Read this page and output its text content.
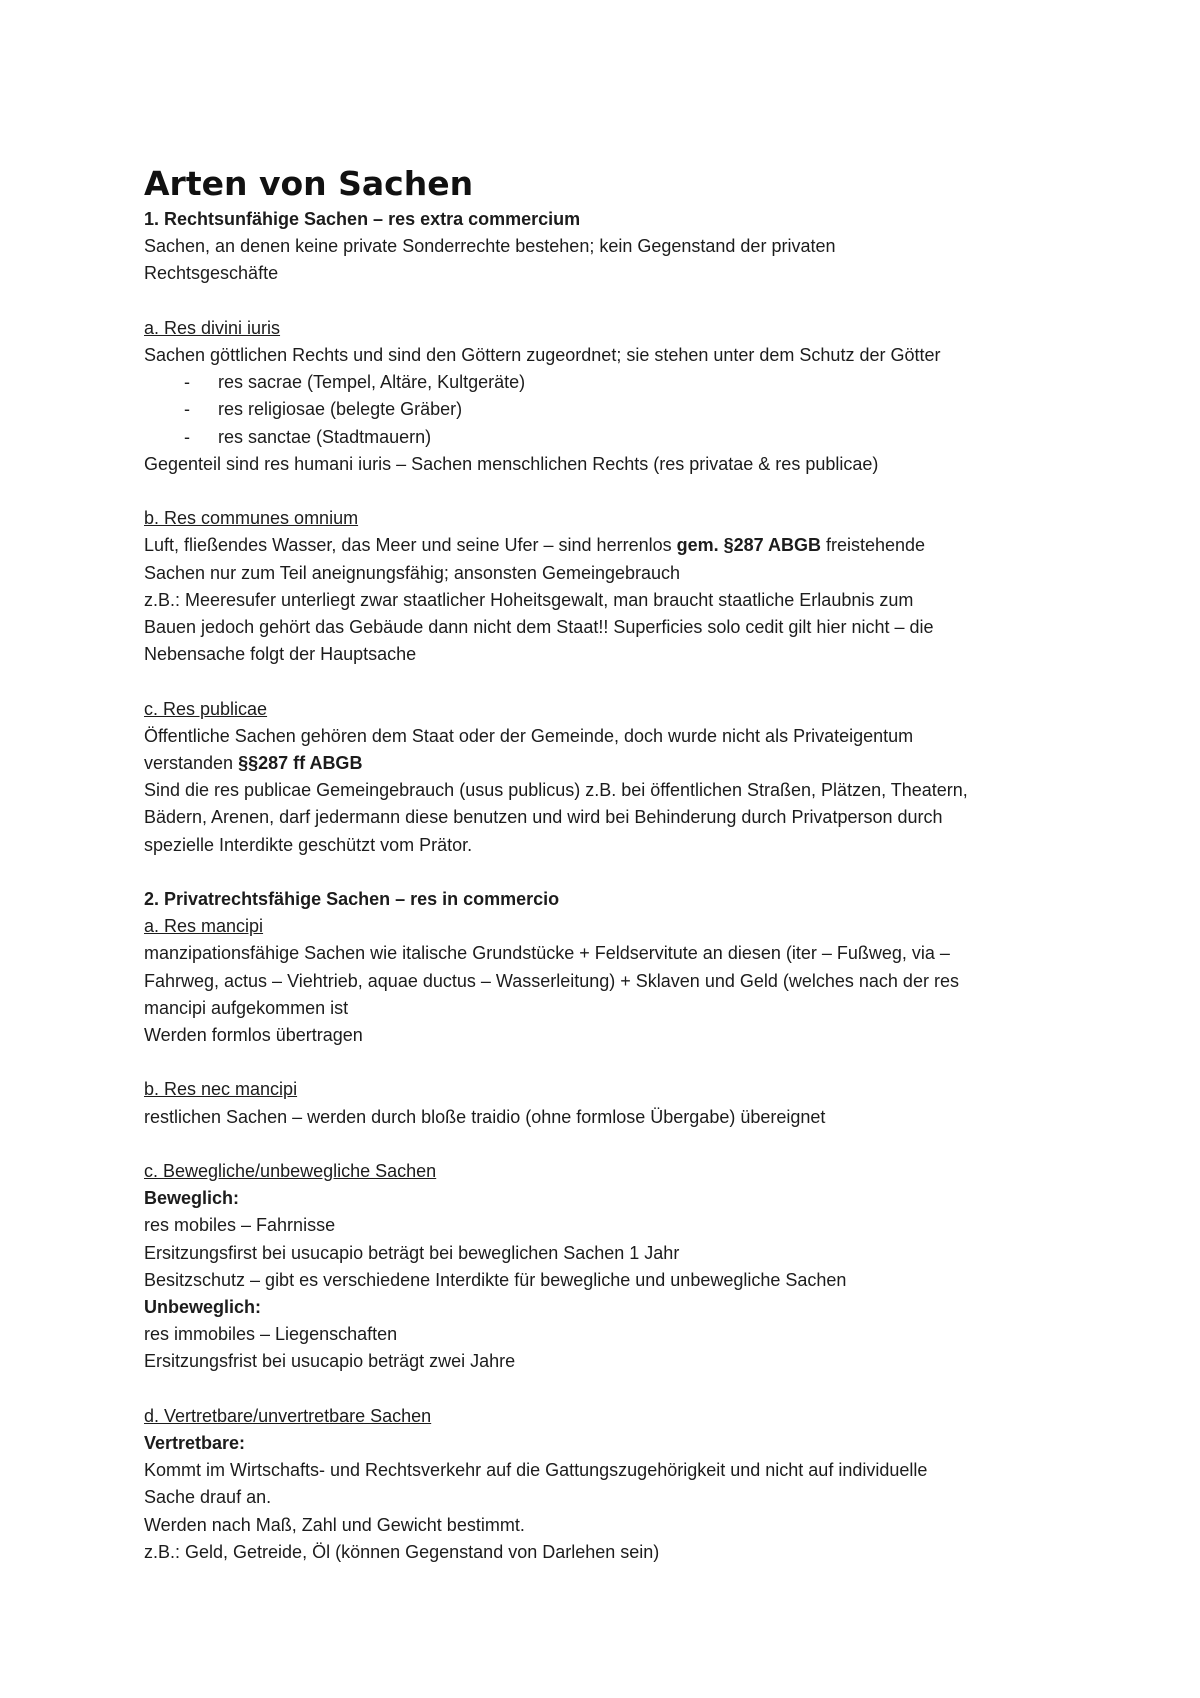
Arten von Sachen

1. Rechtsunfähige Sachen – res extra commercium

Sachen, an denen keine private Sonderrechte bestehen; kein Gegenstand der privaten

Rechtsgeschäfte

a. Res divini iuris

Sachen göttlichen Rechts und sind den Göttern zugeordnet; sie stehen unter dem Schutz der Götter

- res sacrae (Tempel, Altäre, Kultgeräte)
- res religiosae (belegte Gräber)
- res sanctae (Stadtmauern)

Gegenteil sind res humani iuris – Sachen menschlichen Rechts (res privatae & res publicae)

b. Res communes omnium

Luft, fließendes Wasser, das Meer und seine Ufer – sind herrenlos gem. §287 ABGB freistehende

Sachen nur zum Teil aneignungsfähig; ansonsten Gemeingebrauch

z.B.: Meeresufer unterliegt zwar staatlicher Hoheitsgewalt, man braucht staatliche Erlaubnis zum

Bauen jedoch gehört das Gebäude dann nicht dem Staat!! Superficies solo cedit gilt hier nicht – die

Nebensache folgt der Hauptsache

c. Res publicae

Öffentliche Sachen gehören dem Staat oder der Gemeinde, doch wurde nicht als Privateigentum

verstanden §§287 ff ABGB

Sind die res publicae Gemeingebrauch (usus publicus) z.B. bei öffentlichen Straßen, Plätzen, Theatern,

Bädern, Arenen, darf jedermann diese benutzen und wird bei Behinderung durch Privatperson durch

spezielle Interdikte geschützt vom Prätor.

2. Privatrechtsfähige Sachen – res in commercio

a. Res mancipi

manzipationsfähige Sachen wie italische Grundstücke + Feldservitute an diesen (iter – Fußweg, via –

Fahrweg, actus – Viehtrieb, aquae ductus – Wasserleitung) + Sklaven und Geld (welches nach der res

mancipi aufgekommen ist

Werden formlos übertragen

b. Res nec mancipi

restlichen Sachen – werden durch bloße traidio (ohne formlose Übergabe) übereignet

c. Bewegliche/unbewegliche Sachen

Beweglich:

res mobiles – Fahrnisse

Ersitzungsfirst bei usucapio beträgt bei beweglichen Sachen 1 Jahr

Besitzschutz – gibt es verschiedene Interdikte für bewegliche und unbewegliche Sachen

Unbeweglich:

res immobiles – Liegenschaften

Ersitzungsfrist bei usucapio beträgt zwei Jahre

d. Vertretbare/unvertretbare Sachen

Vertretbare:

Kommt im Wirtschafts- und Rechtsverkehr auf die Gattungszugehörigkeit und nicht auf individuelle

Sache drauf an.

Werden nach Maß, Zahl und Gewicht bestimmt.

z.B.: Geld, Getreide, Öl (können Gegenstand von Darlehen sein)
